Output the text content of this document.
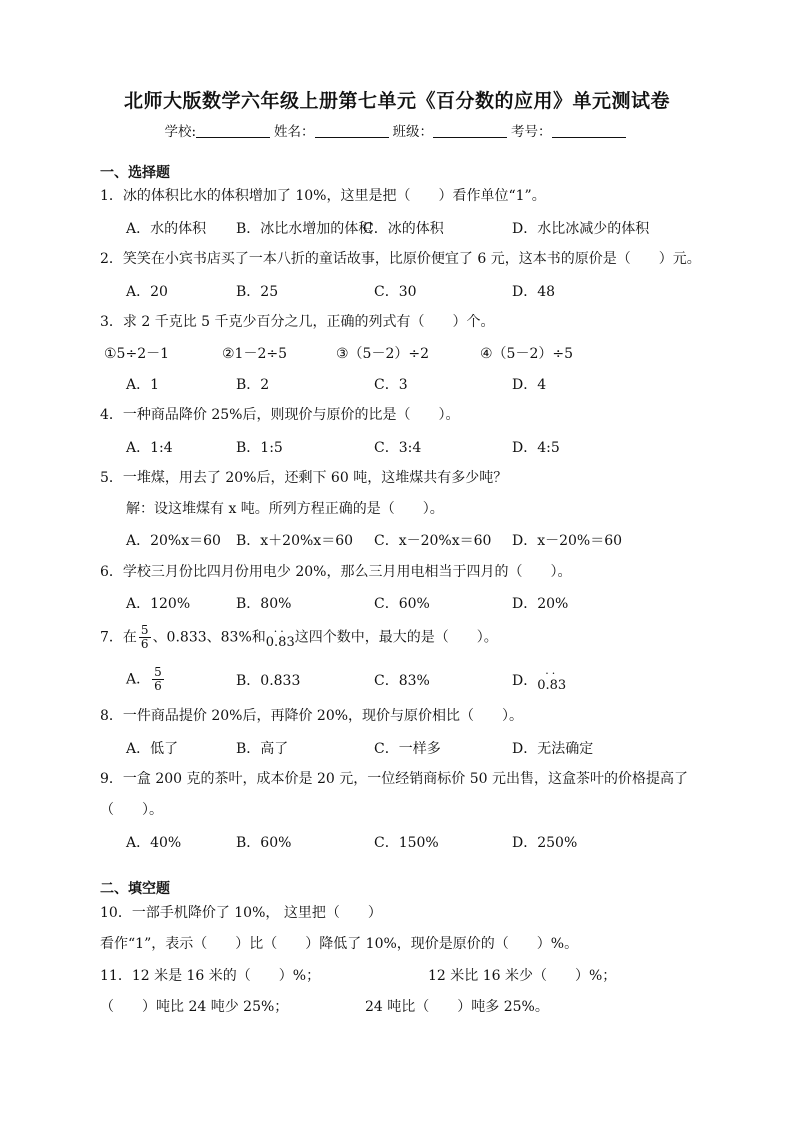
北师大版数学六年级上册第七单元《百分数的应用》单元测试卷
学校:	姓名：	班级：	考号：
一、选择题
1．冰的体积比水的体积增加了 10%，这里是把（　　）看作单位“1”。
A．水的体积 B．冰比水增加的体积
C．冰的体积	D．水比冰减少的体积
2．笑笑在小宾书店买了一本八折的童话故事，比原价便宜了 6 元，这本书的原价是（　　）元。
A．20	B．25	C．30	D．48
3．求 2 千克比 5 千克少百分之几，正确的列式有（　　）个。
①5÷2－1	②1－2÷5	③（5－2）÷2	④（5－2）÷5
A．1	B．2	C．3	D．4
4．一种商品降价 25%后，则现价与原价的比是（　　）。
A．1:4	B．1:5	C．3:4	D．4:5
5．一堆煤，用去了 20%后，还剩下 60 吨，这堆煤共有多少吨？
解：设这堆煤有 x 吨。所列方程正确的是（　　）。
A．20%x＝60 B．x＋20%x＝60 C．x－20%x＝60 D．x－20%＝60
6．学校三月份比四月份用电少 20%，那么三月用电相当于四月的（　　）。
A．120%	B．80%	C．60%	D．20%
7．在 $\frac{5}{6}$ 、0.833、83%和 ··
0.83这四个数中，最大的是（　　）。
A． $\frac{5}{6}$	B．0.833	C．83%	D． ··
0.83
8．一件商品提价 20%后，再降价 20%，现价与原价相比（　　）。
A．低了	B．高了	C．一样多	D．无法确定
9．一盒 200 克的茶叶，成本价是 20 元，一位经销商标价 50 元出售，这盒茶叶的价格提高了
（　　）。
A．40%	B．60%	C．150%	D．250%
二、填空题
10．一部手机降价了 10%， 这里把（　　）
看作“1”，表示（　　）比（　　）降低了 10%，现价是原价的（　　）%。
11．12 米是 16 米的（　　）%；	12 米比 16 米少（　　）%；
（　　）吨比 24 吨少 25%；	24 吨比（　　）吨多 25%。
